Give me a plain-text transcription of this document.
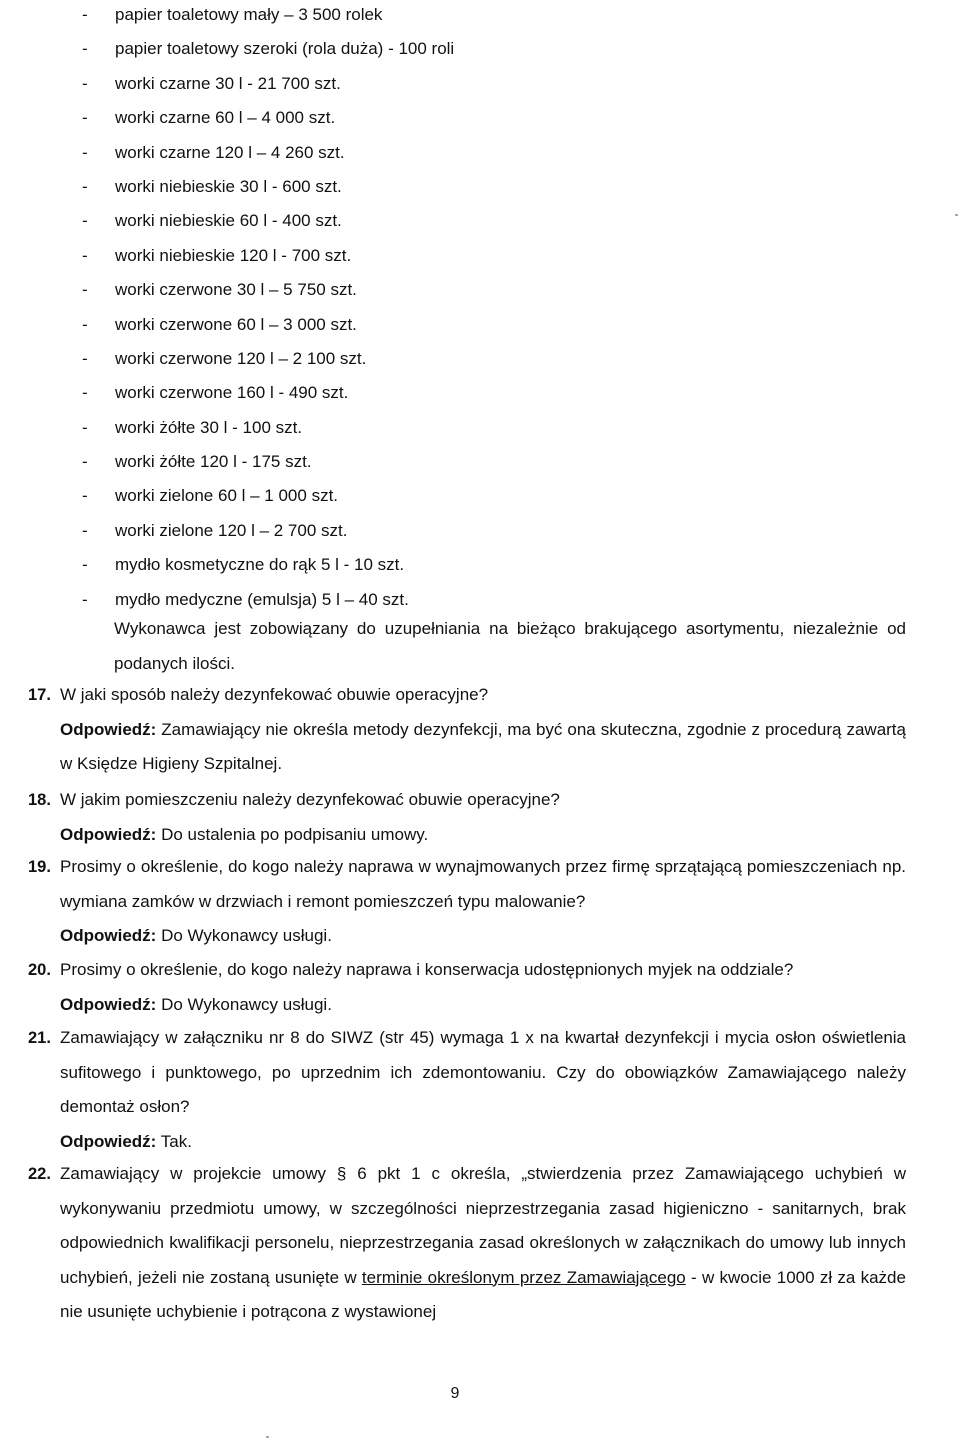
- papier toaletowy mały – 3 500 rolek
- papier toaletowy szeroki (rola duża) - 100 roli
- worki czarne 30 l - 21 700 szt.
- worki czarne 60 l – 4 000 szt.
- worki czarne 120 l – 4 260 szt.
- worki niebieskie 30 l - 600 szt.
- worki niebieskie 60 l - 400 szt.
- worki niebieskie 120 l - 700 szt.
- worki czerwone 30 l – 5 750 szt.
- worki czerwone 60 l – 3 000 szt.
- worki czerwone 120 l – 2 100 szt.
- worki czerwone 160 l - 490 szt.
- worki żółte 30 l - 100 szt.
- worki żółte 120 l - 175 szt.
- worki zielone 60 l – 1 000 szt.
- worki zielone 120 l – 2 700 szt.
- mydło kosmetyczne do rąk 5 l - 10 szt.
- mydło medyczne (emulsja) 5 l – 40 szt.
Wykonawca jest zobowiązany do uzupełniania na bieżąco brakującego asortymentu, niezależnie od podanych ilości.
17. W jaki sposób należy dezynfekować obuwie operacyjne?
Odpowiedź: Zamawiający nie określa metody dezynfekcji, ma być ona skuteczna, zgodnie z procedurą zawartą w Księdze Higieny Szpitalnej.
18. W jakim pomieszczeniu należy dezynfekować obuwie operacyjne?
Odpowiedź: Do ustalenia po podpisaniu umowy.
19. Prosimy o określenie, do kogo należy naprawa w wynajmowanych przez firmę sprzątającą pomieszczeniach np. wymiana zamków w drzwiach i remont pomieszczeń typu malowanie?
Odpowiedź: Do Wykonawcy usługi.
20. Prosimy o określenie, do kogo należy naprawa i konserwacja udostępnionych myjek na oddziale?
Odpowiedź: Do Wykonawcy usługi.
21. Zamawiający w załączniku nr 8 do SIWZ (str 45) wymaga 1 x na kwartał dezynfekcji i mycia osłon oświetlenia sufitowego i punktowego, po uprzednim ich zdemontowaniu. Czy do obowiązków Zamawiającego należy demontaż osłon?
Odpowiedź: Tak.
22. Zamawiający w projekcie umowy § 6 pkt 1 c określa, „stwierdzenia przez Zamawiającego uchybień w wykonywaniu przedmiotu umowy, w szczególności nieprzestrzegania zasad higieniczno - sanitarnych, brak odpowiednich kwalifikacji personelu, nieprzestrzegania zasad określonych w załącznikach do umowy lub innych uchybień, jeżeli nie zostaną usunięte w terminie określonym przez Zamawiającego - w kwocie 1000 zł za każde nie usunięte uchybienie i potrącona z wystawionej
9
